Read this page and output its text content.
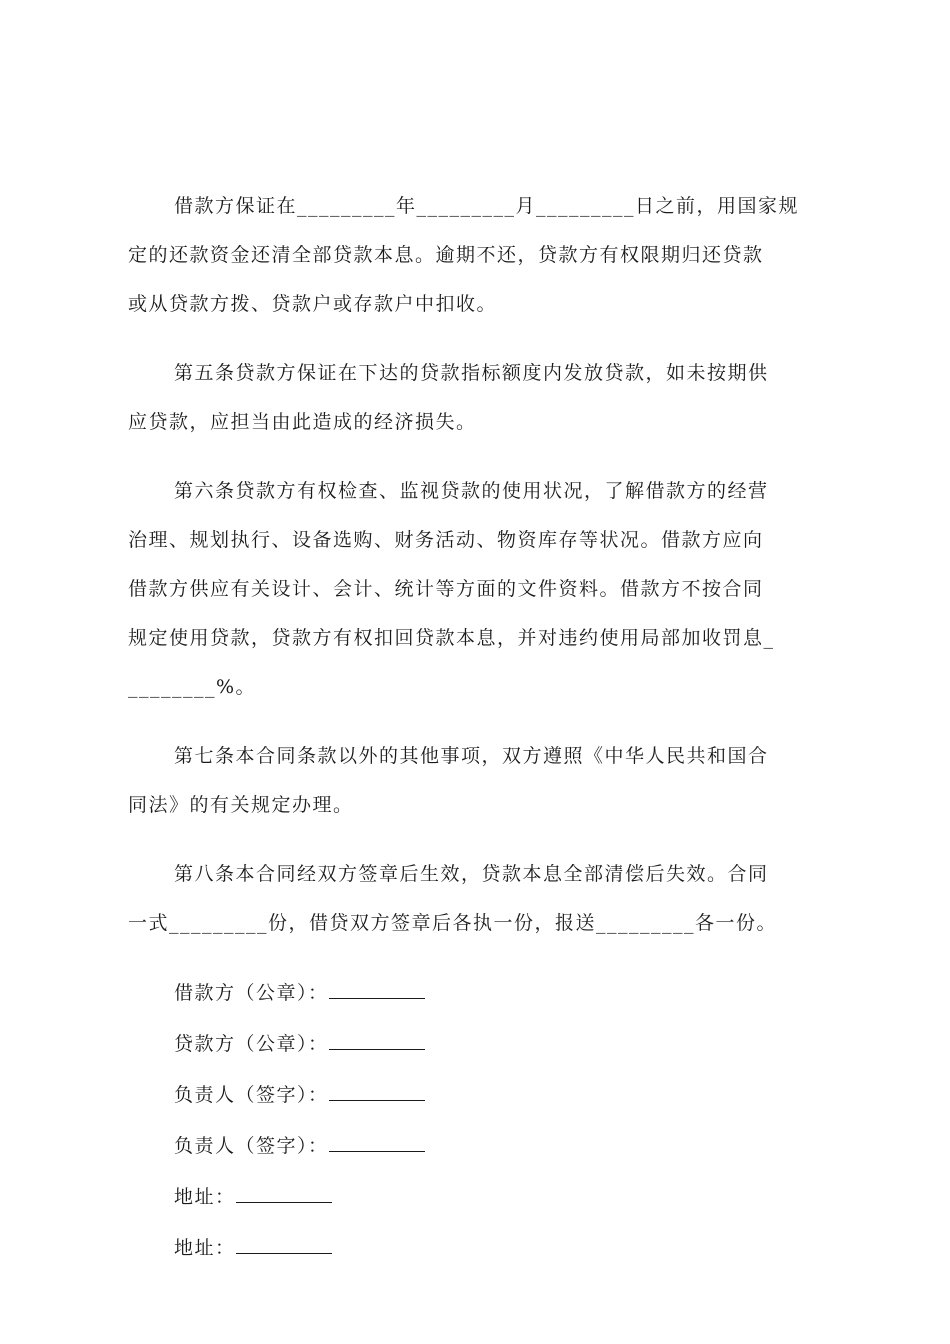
借款方保证在_________年_________月_________日之前，用国家规
定的还款资金还清全部贷款本息。逾期不还，贷款方有权限期归还贷款
或从贷款方拨、贷款户或存款户中扣收。

第五条贷款方保证在下达的贷款指标额度内发放贷款，如未按期供
应贷款，应担当由此造成的经济损失。

第六条贷款方有权检查、监视贷款的使用状况，了解借款方的经营
治理、规划执行、设备选购、财务活动、物资库存等状况。借款方应向
借款方供应有关设计、会计、统计等方面的文件资料。借款方不按合同
规定使用贷款，贷款方有权扣回贷款本息，并对违约使用局部加收罚息_
________%。

第七条本合同条款以外的其他事项，双方遵照《中华人民共和国合
同法》的有关规定办理。

第八条本合同经双方签章后生效，贷款本息全部清偿后失效。合同
一式_________份，借贷双方签章后各执一份，报送_________各一份。

借款方（公章）：
贷款方（公章）：
负责人（签字）：
负责人（签字）：
地址：
地址：
